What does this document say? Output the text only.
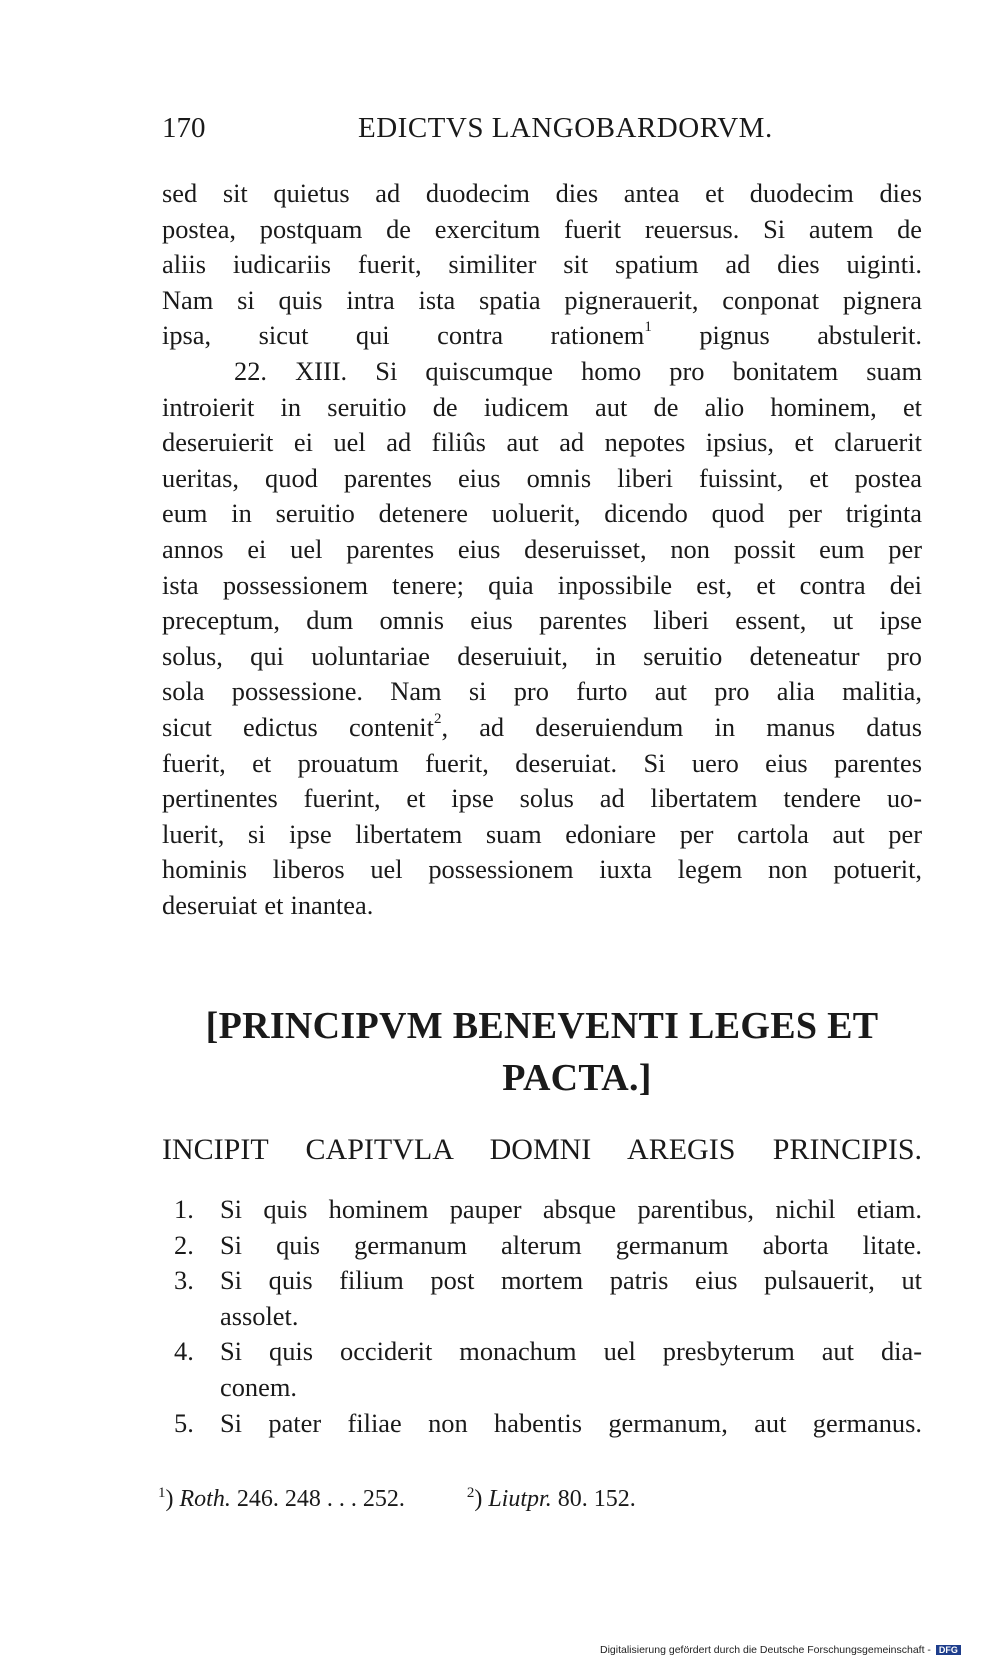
170	EDICTVS LANGOBARDORVM.
sed sit quietus ad duodecim dies antea et duodecim dies
postea, postquam de exercitum fuerit reuersus. Si autem de
aliis iudicariis fuerit, similiter sit spatium ad dies uiginti.
Nam si quis intra ista spatia pignerauerit, conponat pignera
ipsa, sicut qui contra rationem$^1$ pignus abstulerit.
22. XIII. Si quiscumque homo pro bonitatem suam
introierit in seruitio de iudicem aut de alio hominem, et
deseruierit ei uel ad filiûs aut ad nepotes ipsius, et claruerit
ueritas, quod parentes eius omnis liberi fuissint, et postea
eum in seruitio detenere uoluerit, dicendo quod per triginta
annos ei uel parentes eius deseruisset, non possit eum per
ista possessionem tenere; quia inpossibile est, et contra dei
preceptum, dum omnis eius parentes liberi essent, ut ipse
solus, qui uoluntariae deseruiuit, in seruitio deteneatur pro
sola possessione. Nam si pro furto aut pro alia malitia,
sicut edictus contenit$^2$, ad deseruiendum in manus datus
fuerit, et prouatum fuerit, deseruiat. Si uero eius parentes
pertinentes fuerint, et ipse solus ad libertatem tendere uo-
luerit, si ipse libertatem suam edoniare per cartola aut per
hominis liberos uel possessionem iuxta legem non potuerit,
deseruiat et inantea.
[PRINCIPVM BENEVENTI LEGES ET
PACTA.]
INCIPIT CAPITVLA DOMNI AREGIS PRINCIPIS.
1. Si quis hominem pauper absque parentibus, nichil etiam.
2. Si quis germanum alterum germanum aborta litate.
3. Si quis filium post mortem patris eius pulsauerit, ut
assolet.
4. Si quis occiderit monachum uel presbyterum aut dia-
conem.
5. Si pater filiae non habentis germanum, aut germanus.
$^1$) Roth. 246. 248 . . . 252.	$^2$) Liutpr. 80. 152.
Digitalisierung gefördert durch die Deutsche Forschungsgemeinschaft - DFG
